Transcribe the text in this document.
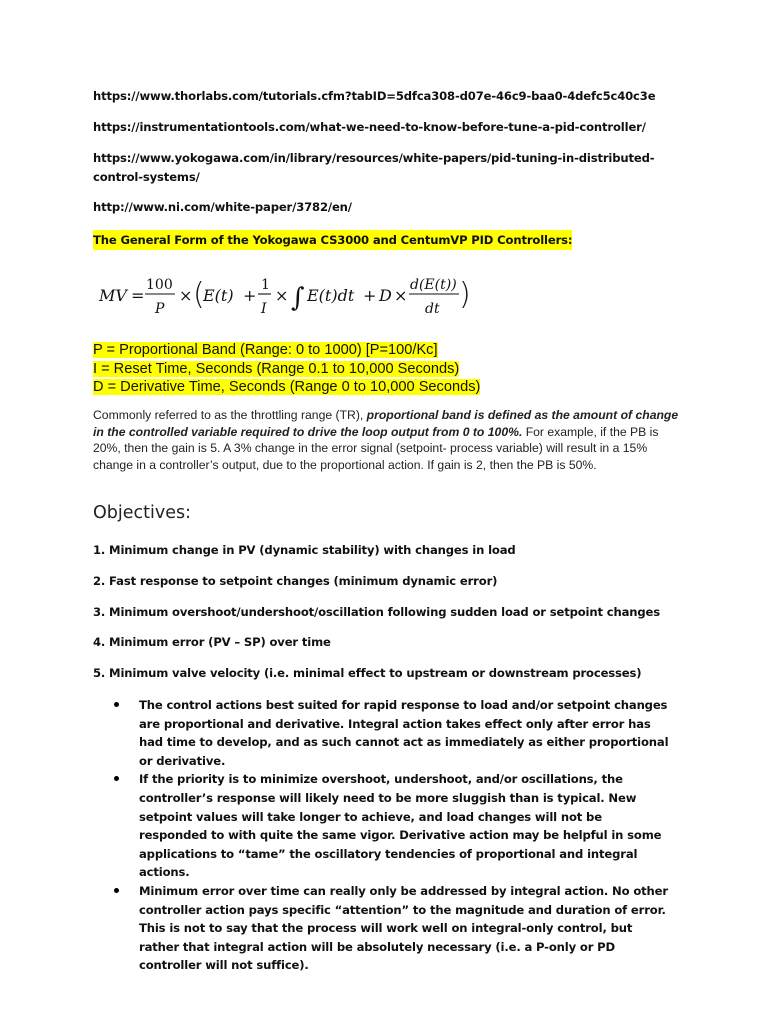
https://www.thorlabs.com/tutorials.cfm?tabID=5dfca308-d07e-46c9-baa0-4defc5c40c3e
https://instrumentationtools.com/what-we-need-to-know-before-tune-a-pid-controller/
https://www.yokogawa.com/in/library/resources/white-papers/pid-tuning-in-distributed-control-systems/
http://www.ni.com/white-paper/3782/en/
The General Form of the Yokogawa CS3000 and CentumVP PID Controllers:
MV =
100
P
× (
E(t) +
1
I
× ∫ E(t)dt + D ×
d(E(t))
dt )
P = Proportional Band (Range: 0 to 1000) [P=100/Kc]
I = Reset Time, Seconds (Range 0.1 to 10,000 Seconds)
D = Derivative Time, Seconds (Range 0 to 10,000 Seconds)
Commonly referred to as the throttling range (TR), proportional band is defined as the amount of change in the controlled variable required to drive the loop output from 0 to 100%. For example, if the PB is 20%, then the gain is 5. A 3% change in the error signal (setpoint- process variable) will result in a 15% change in a controller’s output, due to the proportional action. If gain is 2, then the PB is 50%.
Objectives:
1. Minimum change in PV (dynamic stability) with changes in load
2. Fast response to setpoint changes (minimum dynamic error)
3. Minimum overshoot/undershoot/oscillation following sudden load or setpoint changes
4. Minimum error (PV – SP) over time
5. Minimum valve velocity (i.e. minimal effect to upstream or downstream processes)
The control actions best suited for rapid response to load and/or setpoint changes are proportional and derivative. Integral action takes effect only after error has had time to develop, and as such cannot act as immediately as either proportional or derivative.
If the priority is to minimize overshoot, undershoot, and/or oscillations, the controller’s response will likely need to be more sluggish than is typical. New setpoint values will take longer to achieve, and load changes will not be responded to with quite the same vigor. Derivative action may be helpful in some applications to “tame” the oscillatory tendencies of proportional and integral actions.
Minimum error over time can really only be addressed by integral action. No other controller action pays specific “attention” to the magnitude and duration of error. This is not to say that the process will work well on integral-only control, but rather that integral action will be absolutely necessary (i.e. a P-only or PD controller will not suffice).
